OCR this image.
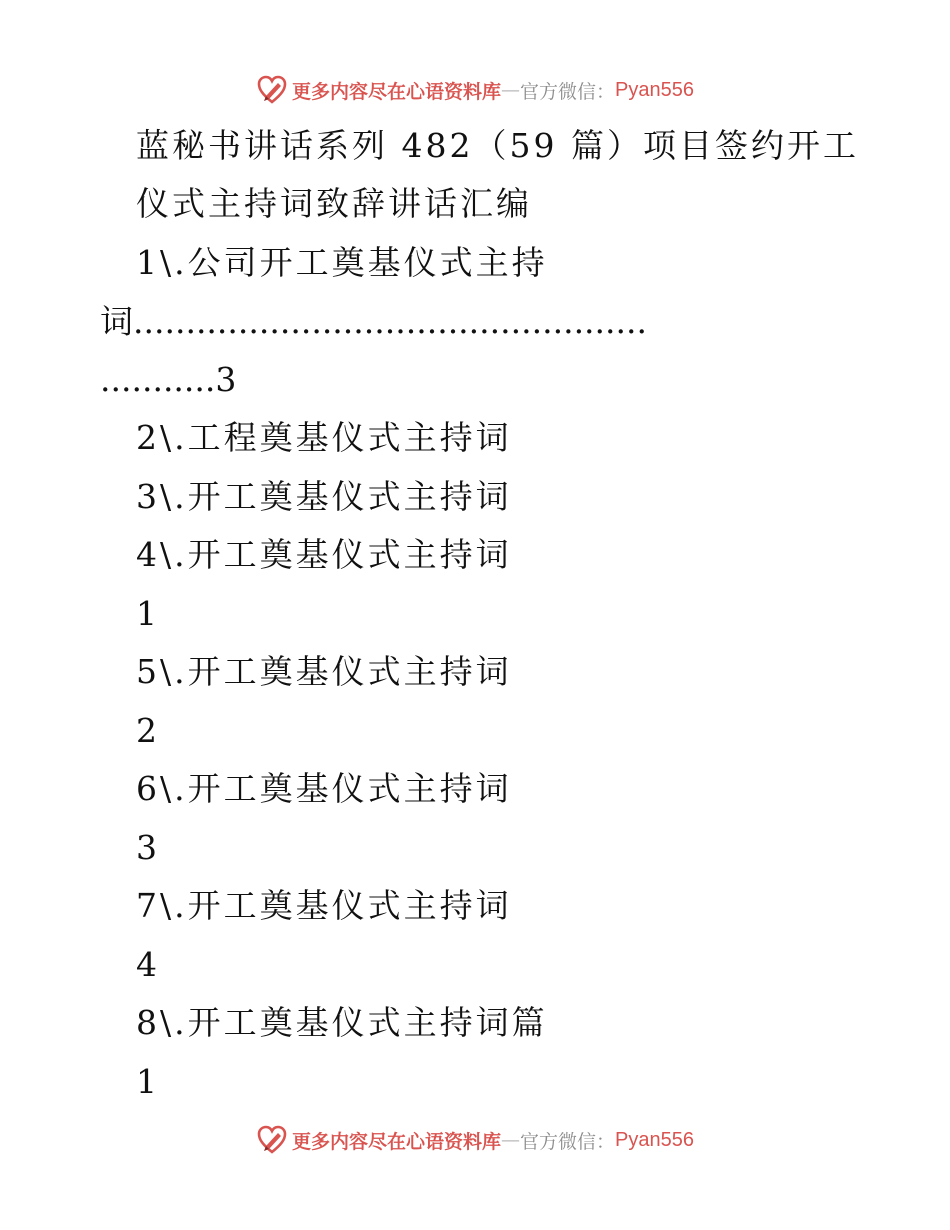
更多内容尽在心语资料库 — 官方微信： Pyan556
蓝秘书讲话系列 482（59 篇）项目签约开工
仪式主持词致辞讲话汇编
1\.公司开工奠基仪式主持
词.................................................
...........3
2\.工程奠基仪式主持词
3\.开工奠基仪式主持词
4\.开工奠基仪式主持词
1
5\.开工奠基仪式主持词
2
6\.开工奠基仪式主持词
3
7\.开工奠基仪式主持词
4
8\.开工奠基仪式主持词篇
1
更多内容尽在心语资料库 — 官方微信： Pyan556
